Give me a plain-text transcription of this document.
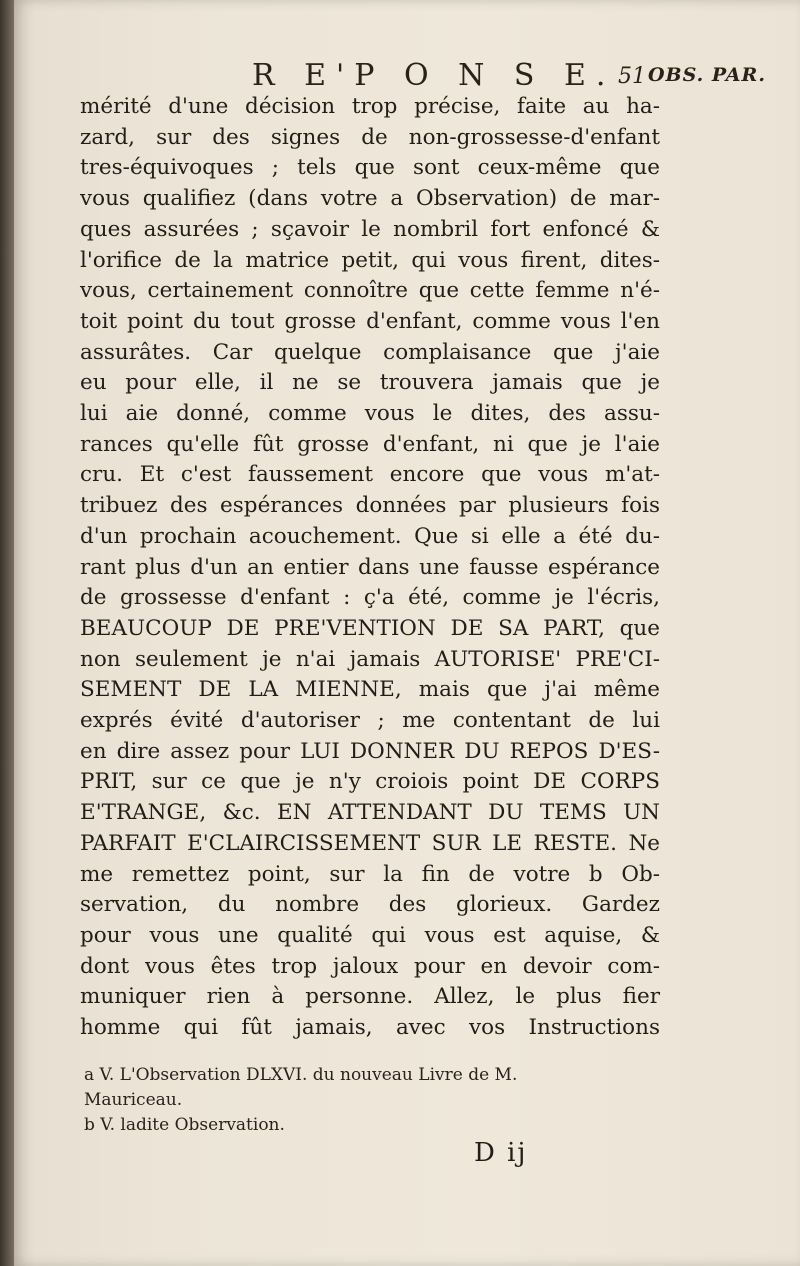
R E'P O N S E. 51 OBS. PAR.
mérité d'une décision trop précise, faite au ha-
zard, sur des signes de non-grossesse-d'enfant
tres-équivoques ; tels que sont ceux-même que
vous qualifiez (dans votre a Observation) de mar-
ques assurées ; sçavoir le nombril fort enfoncé &
l'orifice de la matrice petit, qui vous firent, dites-
vous, certainement connoître que cette femme n'é-
toit point du tout grosse d'enfant, comme vous l'en
assurâtes. Car quelque complaisance que j'aie
eu pour elle, il ne se trouvera jamais que je
lui aie donné, comme vous le dites, des assu-
rances qu'elle fût grosse d'enfant, ni que je l'aie
cru. Et c'est faussement encore que vous m'at-
tribuez des espérances données par plusieurs fois
d'un prochain acouchement. Que si elle a été du-
rant plus d'un an entier dans une fausse espérance
de grossesse d'enfant : ç'a été, comme je l'écris,
BEAUCOUP DE PRE'VENTION DE SA PART, que
non seulement je n'ai jamais AUTORISE' PRE'CI-
SEMENT DE LA MIENNE, mais que j'ai même
exprés évité d'autoriser ; me contentant de lui
en dire assez pour LUI DONNER DU REPOS D'ES-
PRIT, sur ce que je n'y croiois point DE CORPS
E'TRANGE, &c. EN ATTENDANT DU TEMS UN
PARFAIT E'CLAIRCISSEMENT SUR LE RESTE. Ne
me remettez point, sur la fin de votre b Ob-
servation, du nombre des glorieux. Gardez
pour vous une qualité qui vous est aquise, &
dont vous êtes trop jaloux pour en devoir com-
muniquer rien à personne. Allez, le plus fier
homme qui fût jamais, avec vos Instructions
a V. L'Observation DLXVI. du nouveau Livre de M.
Mauriceau.
b V. ladite Observation.
D ij
